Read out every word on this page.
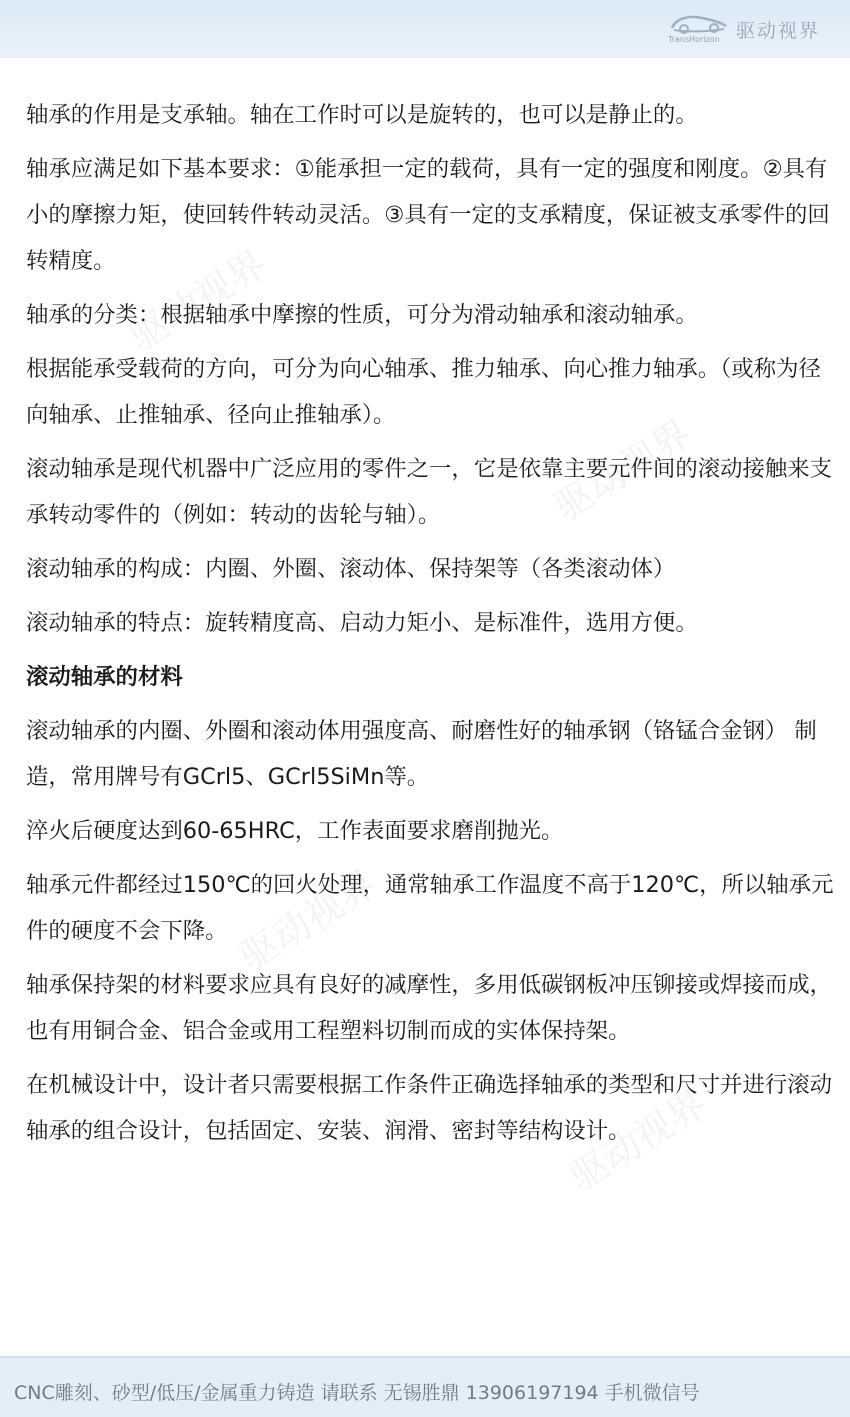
TransHorizon 驱动视界
驱动视界
驱动视界
驱动视界
驱动视界

轴承的作用是支承轴。轴在工作时可以是旋转的，也可以是静止的。

轴承应满足如下基本要求：①能承担一定的载荷，具有一定的强度和刚度。②具有小的摩擦力矩，使回转件转动灵活。③具有一定的支承精度，保证被支承零件的回转精度。

轴承的分类：根据轴承中摩擦的性质，可分为滑动轴承和滚动轴承。

根据能承受载荷的方向，可分为向心轴承、推力轴承、向心推力轴承。（或称为径向轴承、止推轴承、径向止推轴承）。

滚动轴承是现代机器中广泛应用的零件之一，它是依靠主要元件间的滚动接触来支承转动零件的（例如：转动的齿轮与轴）。

滚动轴承的构成：内圈、外圈、滚动体、保持架等（各类滚动体）

滚动轴承的特点：旋转精度高、启动力矩小、是标准件，选用方便。

滚动轴承的材料

滚动轴承的内圈、外圈和滚动体用强度高、耐磨性好的轴承钢（铬锰合金钢） 制造，常用牌号有GCrl5、GCrl5SiMn等。

淬火后硬度达到60-65HRC，工作表面要求磨削抛光。

轴承元件都经过150℃的回火处理，通常轴承工作温度不高于120℃，所以轴承元件的硬度不会下降。

轴承保持架的材料要求应具有良好的减摩性，多用低碳钢板冲压铆接或焊接而成，也有用铜合金、铝合金或用工程塑料切制而成的实体保持架。

在机械设计中，设计者只需要根据工作条件正确选择轴承的类型和尺寸并进行滚动轴承的组合设计，包括固定、安装、润滑、密封等结构设计。

CNC雕刻、砂型/低压/金属重力铸造 请联系 无锡胜鼎 13906197194 手机微信号
